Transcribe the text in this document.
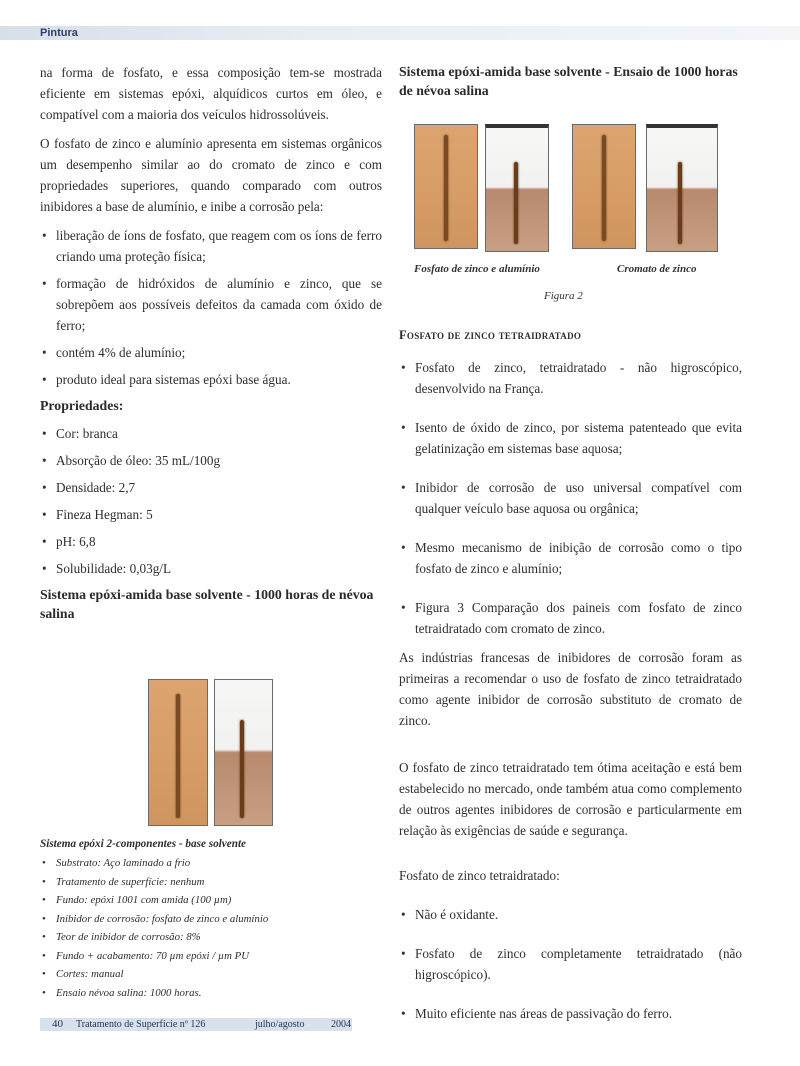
Pintura

na forma de fosfato, e essa composição tem-se mostrada eficiente em sistemas epóxi, alquídicos curtos em óleo, e compatível com a maioria dos veículos hidrossolúveis.

O fosfato de zinco e alumínio apresenta em sistemas orgânicos um desempenho similar ao do cromato de zinco e com propriedades superiores, quando comparado com outros inibidores a base de alumínio, e inibe a corrosão pela:

• liberação de íons de fosfato, que reagem com os íons de ferro criando uma proteção física;
• formação de hidróxidos de alumínio e zinco, que se sobrepõem aos possíveis defeitos da camada com óxido de ferro;
• contém 4% de alumínio;
• produto ideal para sistemas epóxi base água.
Propriedades:
• Cor: branca
• Absorção de óleo: 35 mL/100g
• Densidade: 2,7
• Fineza Hegman: 5
• pH: 6,8
• Solubilidade: 0,03g/L
Sistema epóxi-amida base solvente - 1000 horas de névoa salina
Sistema epóxi 2-componentes - base solvente
• Substrato: Aço laminado a frio
• Tratamento de superfície: nenhum
• Fundo: epóxi 1001 com amida (100 µm)
• Inibidor de corrosão: fosfato de zinco e alumínio
• Teor de inibidor de corrosão: 8%
• Fundo + acabamento: 70 µm epóxi / µm PU
• Cortes: manual
• Ensaio névoa salina: 1000 horas.
Sistema epóxi-amida base solvente - Ensaio de 1000 horas de névoa salina
Fosfato de zinco e alumínio	Cromato de zinco
Figura 2
Fosfato de zinco tetraidratado
• Fosfato de zinco, tetraidratado - não higroscópico, desenvolvido na França.
• Isento de óxido de zinco, por sistema patenteado que evita gelatinização em sistemas base aquosa;
• Inibidor de corrosão de uso universal compatível com qualquer veículo base aquosa ou orgânica;
• Mesmo mecanismo de inibição de corrosão como o tipo fosfato de zinco e alumínio;
• Figura 3 Comparação dos paineis com fosfato de zinco tetraidratado com cromato de zinco.

As indústrias francesas de inibidores de corrosão foram as primeiras a recomendar o uso de fosfato de zinco tetraidratado como agente inibidor de corrosão substituto de cromato de zinco.

O fosfato de zinco tetraidratado tem ótima aceitação e está bem estabelecido no mercado, onde também atua como complemento de outros agentes inibidores de corrosão e particularmente em relação às exigências de saúde e segurança.

Fosfato de zinco tetraidratado:

• Não é oxidante.
• Fosfato de zinco completamente tetraidratado (não higroscópico).
• Muito eficiente nas áreas de passivação do ferro.
40 Tratamento de Superfície nº 126	julho/agosto	2004
